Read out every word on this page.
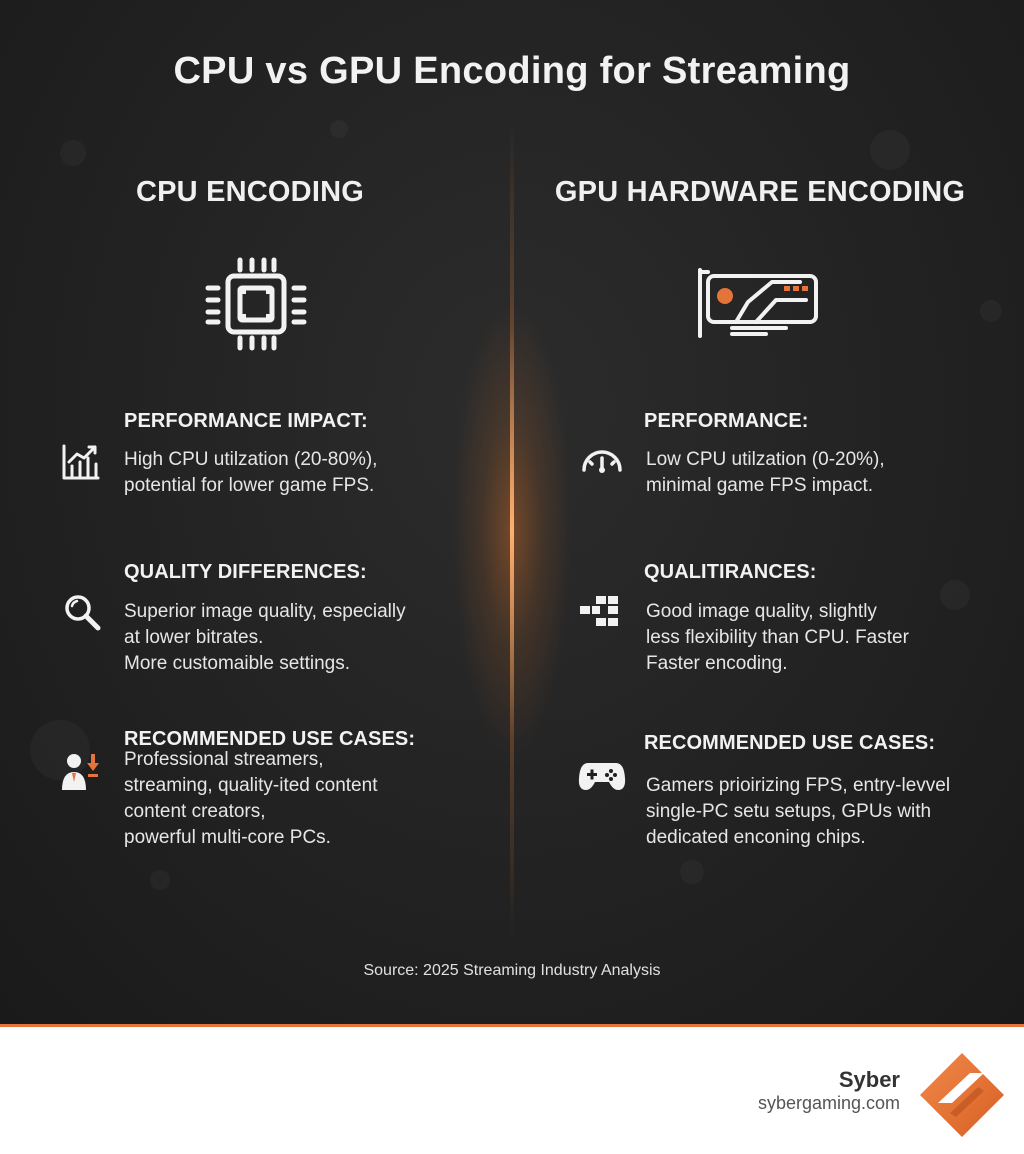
CPU vs GPU Encoding for Streaming
CPU ENCODING
PERFORMANCE IMPACT:
High CPU utilzation (20-80%),
potential for lower game FPS.
QUALITY DIFFERENCES:
Superior image quality, especially
at lower bitrates.
More customaible settings.
RECOMMENDED USE CASES:
Professional streamers,
streaming, quality-ited content
content creators,
powerful multi-core PCs.
GPU HARDWARE ENCODING
PERFORMANCE:
Low CPU utilzation (0-20%),
minimal game FPS impact.
QUALITIRANCES:
Good image quality, slightly
less flexibility than CPU. Faster
Faster encoding.
RECOMMENDED USE CASES:
Gamers prioirizing FPS, entry-levvel
single-PC setu setups, GPUs with
dedicated enconing chips.
Source: 2025 Streaming Industry Analysis
Syber
sybergaming.com
